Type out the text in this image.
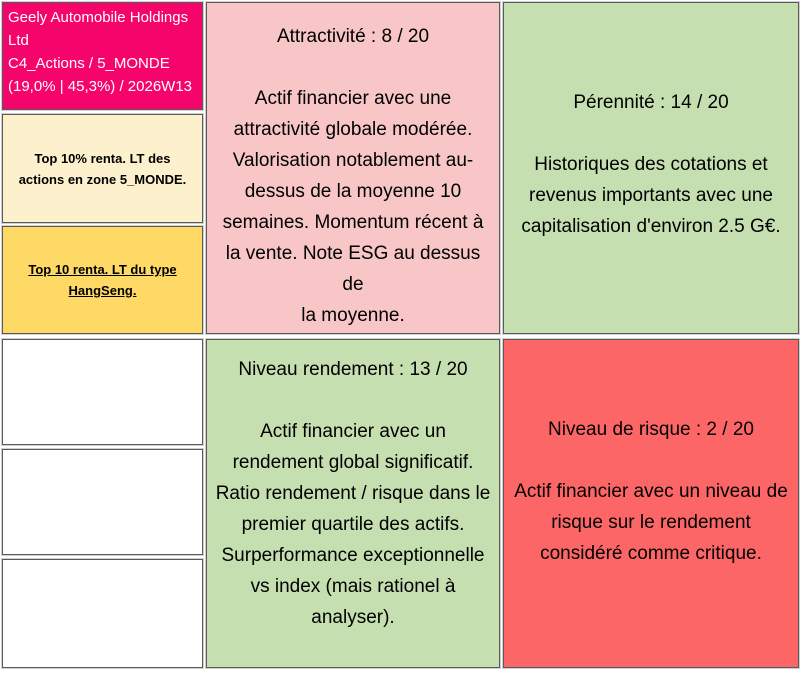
Geely Automobile Holdings
Ltd
C4_Actions / 5_MONDE
(19,0% | 45,3%) / 2026W13
Top 10% renta. LT des actions en zone 5_MONDE.
Top 10 renta. LT du type HangSeng.
Attractivité : 8 / 20
Actif financier avec une
attractivité globale modérée.
Valorisation notablement au-
dessus de la moyenne 10
semaines. Momentum récent à
la vente. Note ESG au dessus de
la moyenne.
Pérennité : 14 / 20
Historiques des cotations et
revenus importants avec une
capitalisation d'environ 2.5 G€.
Niveau rendement : 13 / 20
Actif financier avec un
rendement global significatif.
Ratio rendement / risque dans le
premier quartile des actifs.
Surperformance exceptionnelle
vs index (mais rationel à
analyser).
Niveau de risque : 2 / 20
Actif financier avec un niveau de
risque sur le rendement
considéré comme critique.
